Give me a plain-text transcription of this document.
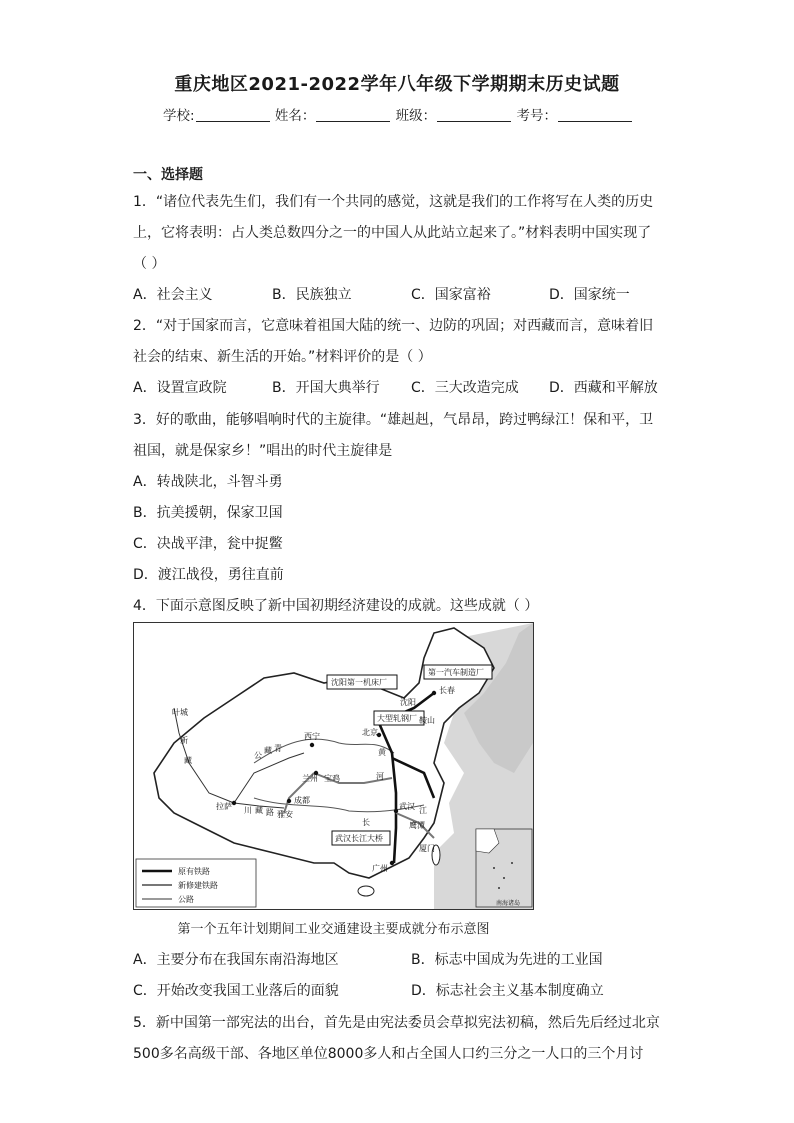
重庆地区2021-2022学年八年级下学期期末历史试题
学校:	姓名：	班级：	考号：
一、选择题
1．“诸位代表先生们，我们有一个共同的感觉，这就是我们的工作将写在人类的历史
上，它将表明：占人类总数四分之一的中国人从此站立起来了。”材料表明中国实现了
（ ）
A．社会主义	B．民族独立	C．国家富裕	D．国家统一
2．“对于国家而言，它意味着祖国大陆的统一、边防的巩固；对西藏而言，意味着旧
社会的结束、新生活的开始。”材料评价的是（ ）
A．设置宣政院	B．开国大典举行 C．三大改造完成 D．西藏和平解放
3．好的歌曲，能够唱响时代的主旋律。“雄赳赳，气昂昂，跨过鸭绿江！保和平，卫
祖国，就是保家乡！”唱出的时代主旋律是
A．转战陕北，斗智斗勇
B．抗美援朝，保家卫国
C．决战平津，瓮中捉鳖
D．渡江战役，勇往直前
4．下面示意图反映了新中国初期经济建设的成就。这些成就（ ）
第一汽车制造厂
沈阳第一机床厂
大型轧钢厂
武汉长江大桥
长春
沈阳
鞍山
北京
西宁
兰州 宝鸡
成都
雅安
拉萨	武汉
广州
鹰潭
厦门
叶城
公
路
川 藏
青
藏
新
藏
黄
河
长
江
原有铁路
新修建铁路
公路	南海诸岛
第一个五年计划期间工业交通建设主要成就分布示意图
A．主要分布在我国东南沿海地区	B．标志中国成为先进的工业国
C．开始改变我国工业落后的面貌	D．标志社会主义基本制度确立
5．新中国第一部宪法的出台，首先是由宪法委员会草拟宪法初稿，然后先后经过北京
500多名高级干部、各地区单位8000多人和占全国人口约三分之一人口的三个月讨
